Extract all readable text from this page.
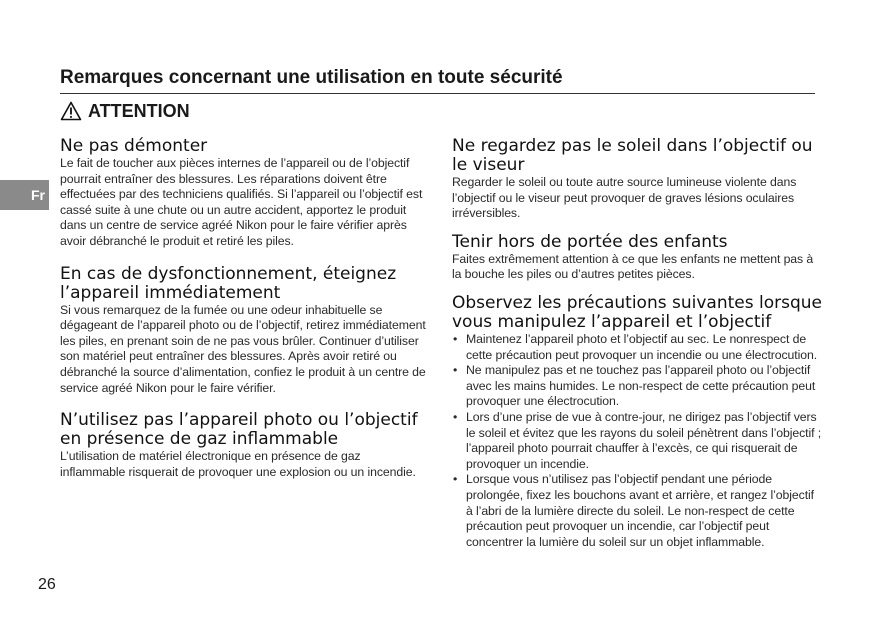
Remarques concernant une utilisation en toute sécurité
ATTENTION
Fr
Ne pas démonter

Le fait de toucher aux pièces internes de l’appareil ou de l’objectif pourrait entraîner des blessures. Les réparations doivent être effectuées par des techniciens qualifiés. Si l’appareil ou l’objectif est cassé suite à une chute ou un autre accident, apportez le produit dans un centre de service agréé Nikon pour le faire vérifier après avoir débranché le produit et retiré les piles.

En cas de dysfonctionnement, éteignez l’appareil immédiatement

Si vous remarquez de la fumée ou une odeur inhabituelle se dégageant de l’appareil photo ou de l’objectif, retirez immédiatement les piles, en prenant soin de ne pas vous brûler. Continuer d’utiliser son matériel peut entraîner des blessures. Après avoir retiré ou débranché la source d’alimentation, confiez le produit à un centre de service agréé Nikon pour le faire vérifier.

N’utilisez pas l’appareil photo ou l’objectif en présence de gaz inflammable

L’utilisation de matériel électronique en présence de gaz inflammable risquerait de provoquer une explosion ou un incendie.

Ne regardez pas le soleil dans l’objectif ou le viseur

Regarder le soleil ou toute autre source lumineuse violente dans l’objectif ou le viseur peut provoquer de graves lésions oculaires irréversibles.

Tenir hors de portée des enfants

Faites extrêmement attention à ce que les enfants ne mettent pas à la bouche les piles ou d’autres petites pièces.

Observez les précautions suivantes lorsque vous manipulez l’appareil et l’objectif
• Maintenez l’appareil photo et l’objectif au sec. Le nonrespect de cette précaution peut provoquer un incendie ou une électrocution.
• Ne manipulez pas et ne touchez pas l’appareil photo ou l’objectif avec les mains humides. Le non-respect de cette précaution peut provoquer une électrocution.
• Lors d’une prise de vue à contre-jour, ne dirigez pas l’objectif vers le soleil et évitez que les rayons du soleil pénètrent dans l’objectif ; l’appareil photo pourrait chauffer à l’excès, ce qui risquerait de provoquer un incendie.
• Lorsque vous n’utilisez pas l’objectif pendant une période prolongée, fixez les bouchons avant et arrière, et rangez l’objectif à l’abri de la lumière directe du soleil. Le non-respect de cette précaution peut provoquer un incendie, car l’objectif peut concentrer la lumière du soleil sur un objet inflammable.
26
